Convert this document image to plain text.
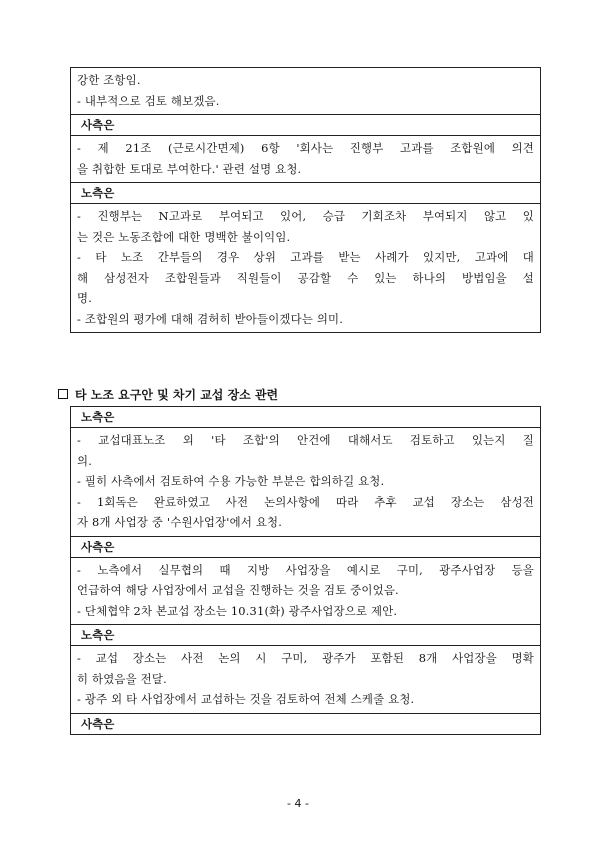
강한 조항임.
- 내부적으로 검토 해보겠음.
사측은
- 제 21조 (근로시간면제) 6항 '회사는 진행부 고과를 조합원에 의견
을 취합한 토대로 부여한다.' 관련 설명 요청.
노측은
- 진행부는 N고과로 부여되고 있어, 승급 기회조차 부여되지 않고 있
는 것은 노동조합에 대한 명백한 불이익임.
- 타 노조 간부들의 경우 상위 고과를 받는 사례가 있지만, 고과에 대
해 삼성전자 조합원들과 직원들이 공감할 수 있는 하나의 방법임을 설
명.
- 조합원의 평가에 대해 겸허히 받아들이겠다는 의미.
타 노조 요구안 및 차기 교섭 장소 관련
노측은
- 교섭대표노조 외 '타 조합'의 안건에 대해서도 검토하고 있는지 질
의.
- 필히 사측에서 검토하여 수용 가능한 부분은 합의하길 요청.
- 1회독은 완료하였고 사전 논의사항에 따라 추후 교섭 장소는 삼성전
자 8개 사업장 중 '수원사업장'에서 요청.
사측은
- 노측에서 실무협의 때 지방 사업장을 예시로 구미, 광주사업장 등을
언급하여 해당 사업장에서 교섭을 진행하는 것을 검토 중이었음.
- 단체협약 2차 본교섭 장소는 10.31(화) 광주사업장으로 제안.
노측은
- 교섭 장소는 사전 논의 시 구미, 광주가 포함된 8개 사업장을 명확
히 하였음을 전달.
- 광주 외 타 사업장에서 교섭하는 것을 검토하여 전체 스케줄 요청.
사측은
- 4 -
